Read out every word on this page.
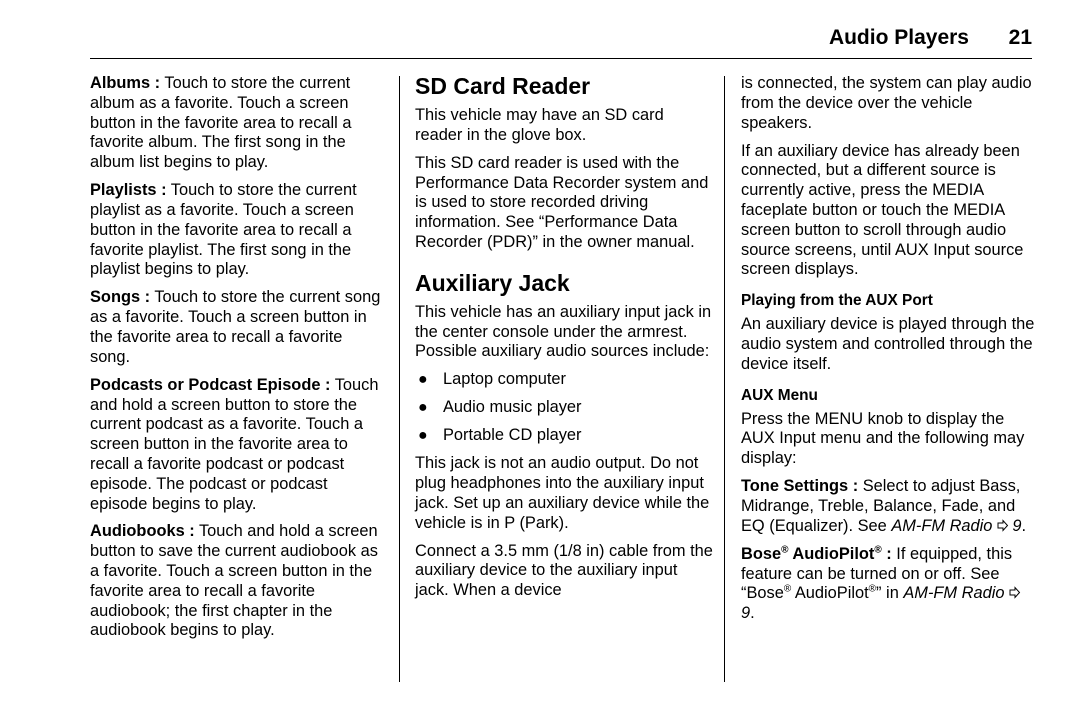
Audio Players 21

Albums : Touch to store the current album as a favorite. Touch a screen button in the favorite area to recall a favorite album. The first song in the album list begins to play.

Playlists : Touch to store the current playlist as a favorite. Touch a screen button in the favorite area to recall a favorite playlist. The first song in the playlist begins to play.

Songs : Touch to store the current song as a favorite. Touch a screen button in the favorite area to recall a favorite song.

Podcasts or Podcast Episode : Touch and hold a screen button to store the current podcast as a favorite. Touch a screen button in the favorite area to recall a favorite podcast or podcast episode. The podcast or podcast episode begins to play.

Audiobooks : Touch and hold a screen button to save the current audiobook as a favorite. Touch a screen button in the favorite area to recall a favorite audiobook; the first chapter in the audiobook begins to play.

SD Card Reader

This vehicle may have an SD card reader in the glove box.

This SD card reader is used with the Performance Data Recorder system and is used to store recorded driving information. See “Performance Data Recorder (PDR)” in the owner manual.

Auxiliary Jack

This vehicle has an auxiliary input jack in the center console under the armrest. Possible auxiliary audio sources include:

● Laptop computer
● Audio music player
● Portable CD player

This jack is not an audio output. Do not plug headphones into the auxiliary input jack. Set up an auxiliary device while the vehicle is in P (Park).

Connect a 3.5 mm (1/8 in) cable from the auxiliary device to the auxiliary input jack. When a device

is connected, the system can play audio from the device over the vehicle speakers.

If an auxiliary device has already been connected, but a different source is currently active, press the MEDIA faceplate button or touch the MEDIA screen button to scroll through audio source screens, until AUX Input source screen displays.

Playing from the AUX Port

An auxiliary device is played through the audio system and controlled through the device itself.

AUX Menu

Press the MENU knob to display the AUX Input menu and the following may display:

Tone Settings : Select to adjust Bass, Midrange, Treble, Balance, Fade, and EQ (Equalizer). See AM-FM Radio 9.

Bose® AudioPilot® : If equipped, this feature can be turned on or off. See “Bose® AudioPilot®” in AM-FM Radio9.
